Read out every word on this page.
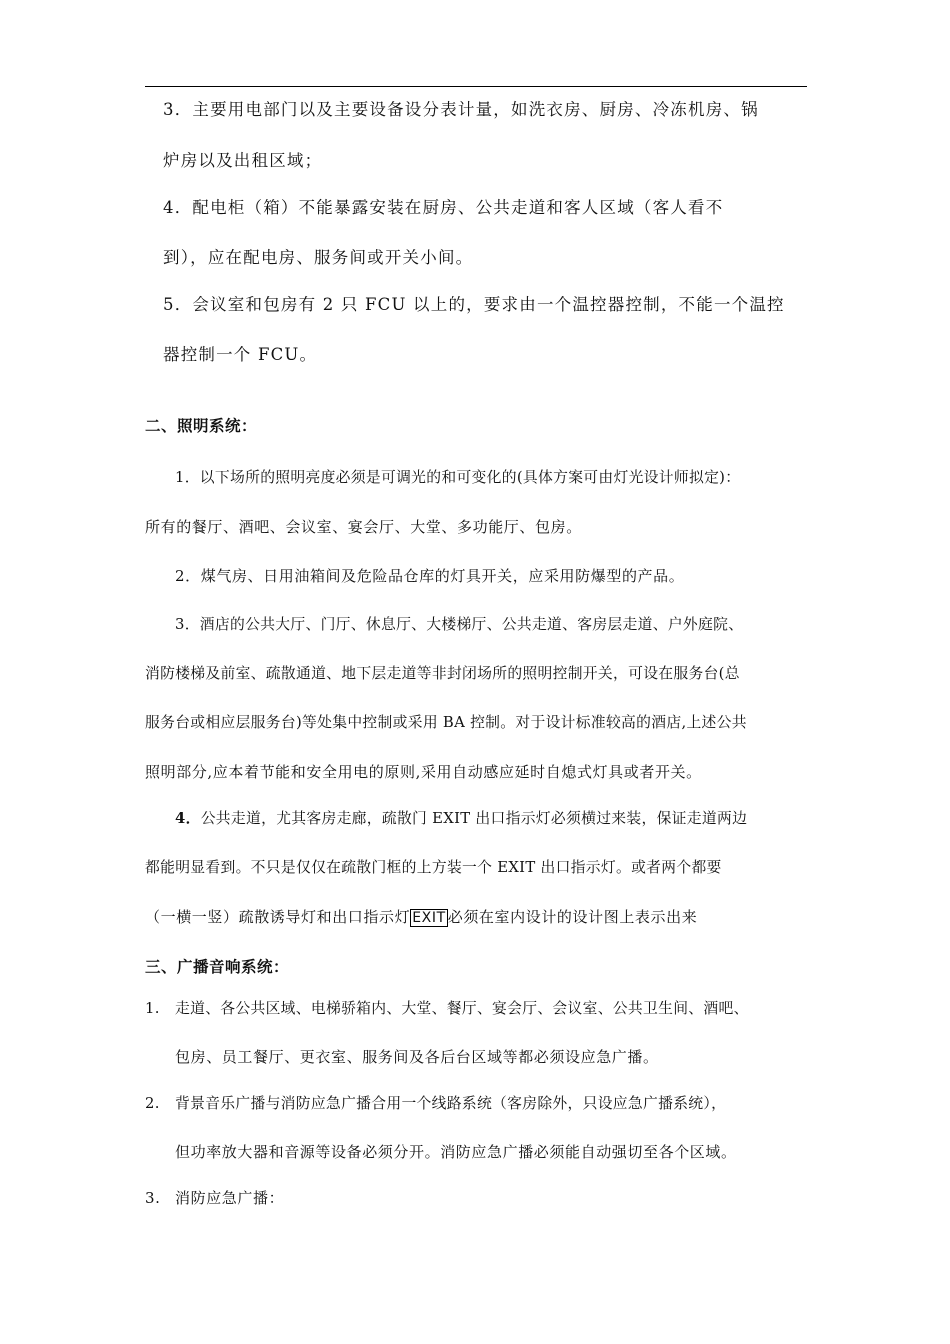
3．主要用电部门以及主要设备设分表计量，如洗衣房、厨房、冷冻机房、锅
炉房以及出租区域；
4．配电柜（箱）不能暴露安装在厨房、公共走道和客人区域（客人看不
到），应在配电房、服务间或开关小间。
5．会议室和包房有 2 只 FCU 以上的，要求由一个温控器控制，不能一个温控
器控制一个 FCU。
二、照明系统：
1．以下场所的照明亮度必须是可调光的和可变化的(具体方案可由灯光设计师拟定)：
所有的餐厅、酒吧、会议室、宴会厅、大堂、多功能厅、包房。
2．煤气房、日用油箱间及危险品仓库的灯具开关，应采用防爆型的产品。
3．酒店的公共大厅、门厅、休息厅、大楼梯厅、公共走道、客房层走道、户外庭院、
消防楼梯及前室、疏散通道、地下层走道等非封闭场所的照明控制开关，可设在服务台(总
服务台或相应层服务台)等处集中控制或采用 BA 控制。对于设计标准较高的酒店,上述公共
照明部分,应本着节能和安全用电的原则,采用自动感应延时自熄式灯具或者开关。
4．公共走道，尤其客房走廊，疏散门 EXIT 出口指示灯必须横过来装，保证走道两边
都能明显看到。不只是仅仅在疏散门框的上方装一个 EXIT 出口指示灯。或者两个都要
（一横一竖）疏散诱导灯和出口指示灯 EXIT 必须在室内设计的设计图上表示出来
三、广播音响系统：
1. 走道、各公共区域、电梯骄箱内、大堂、餐厅、宴会厅、会议室、公共卫生间、酒吧、
包房、员工餐厅、更衣室、服务间及各后台区域等都必须设应急广播。
2. 背景音乐广播与消防应急广播合用一个线路系统（客房除外，只设应急广播系统），
但功率放大器和音源等设备必须分开。消防应急广播必须能自动强切至各个区域。
3. 消防应急广播：
